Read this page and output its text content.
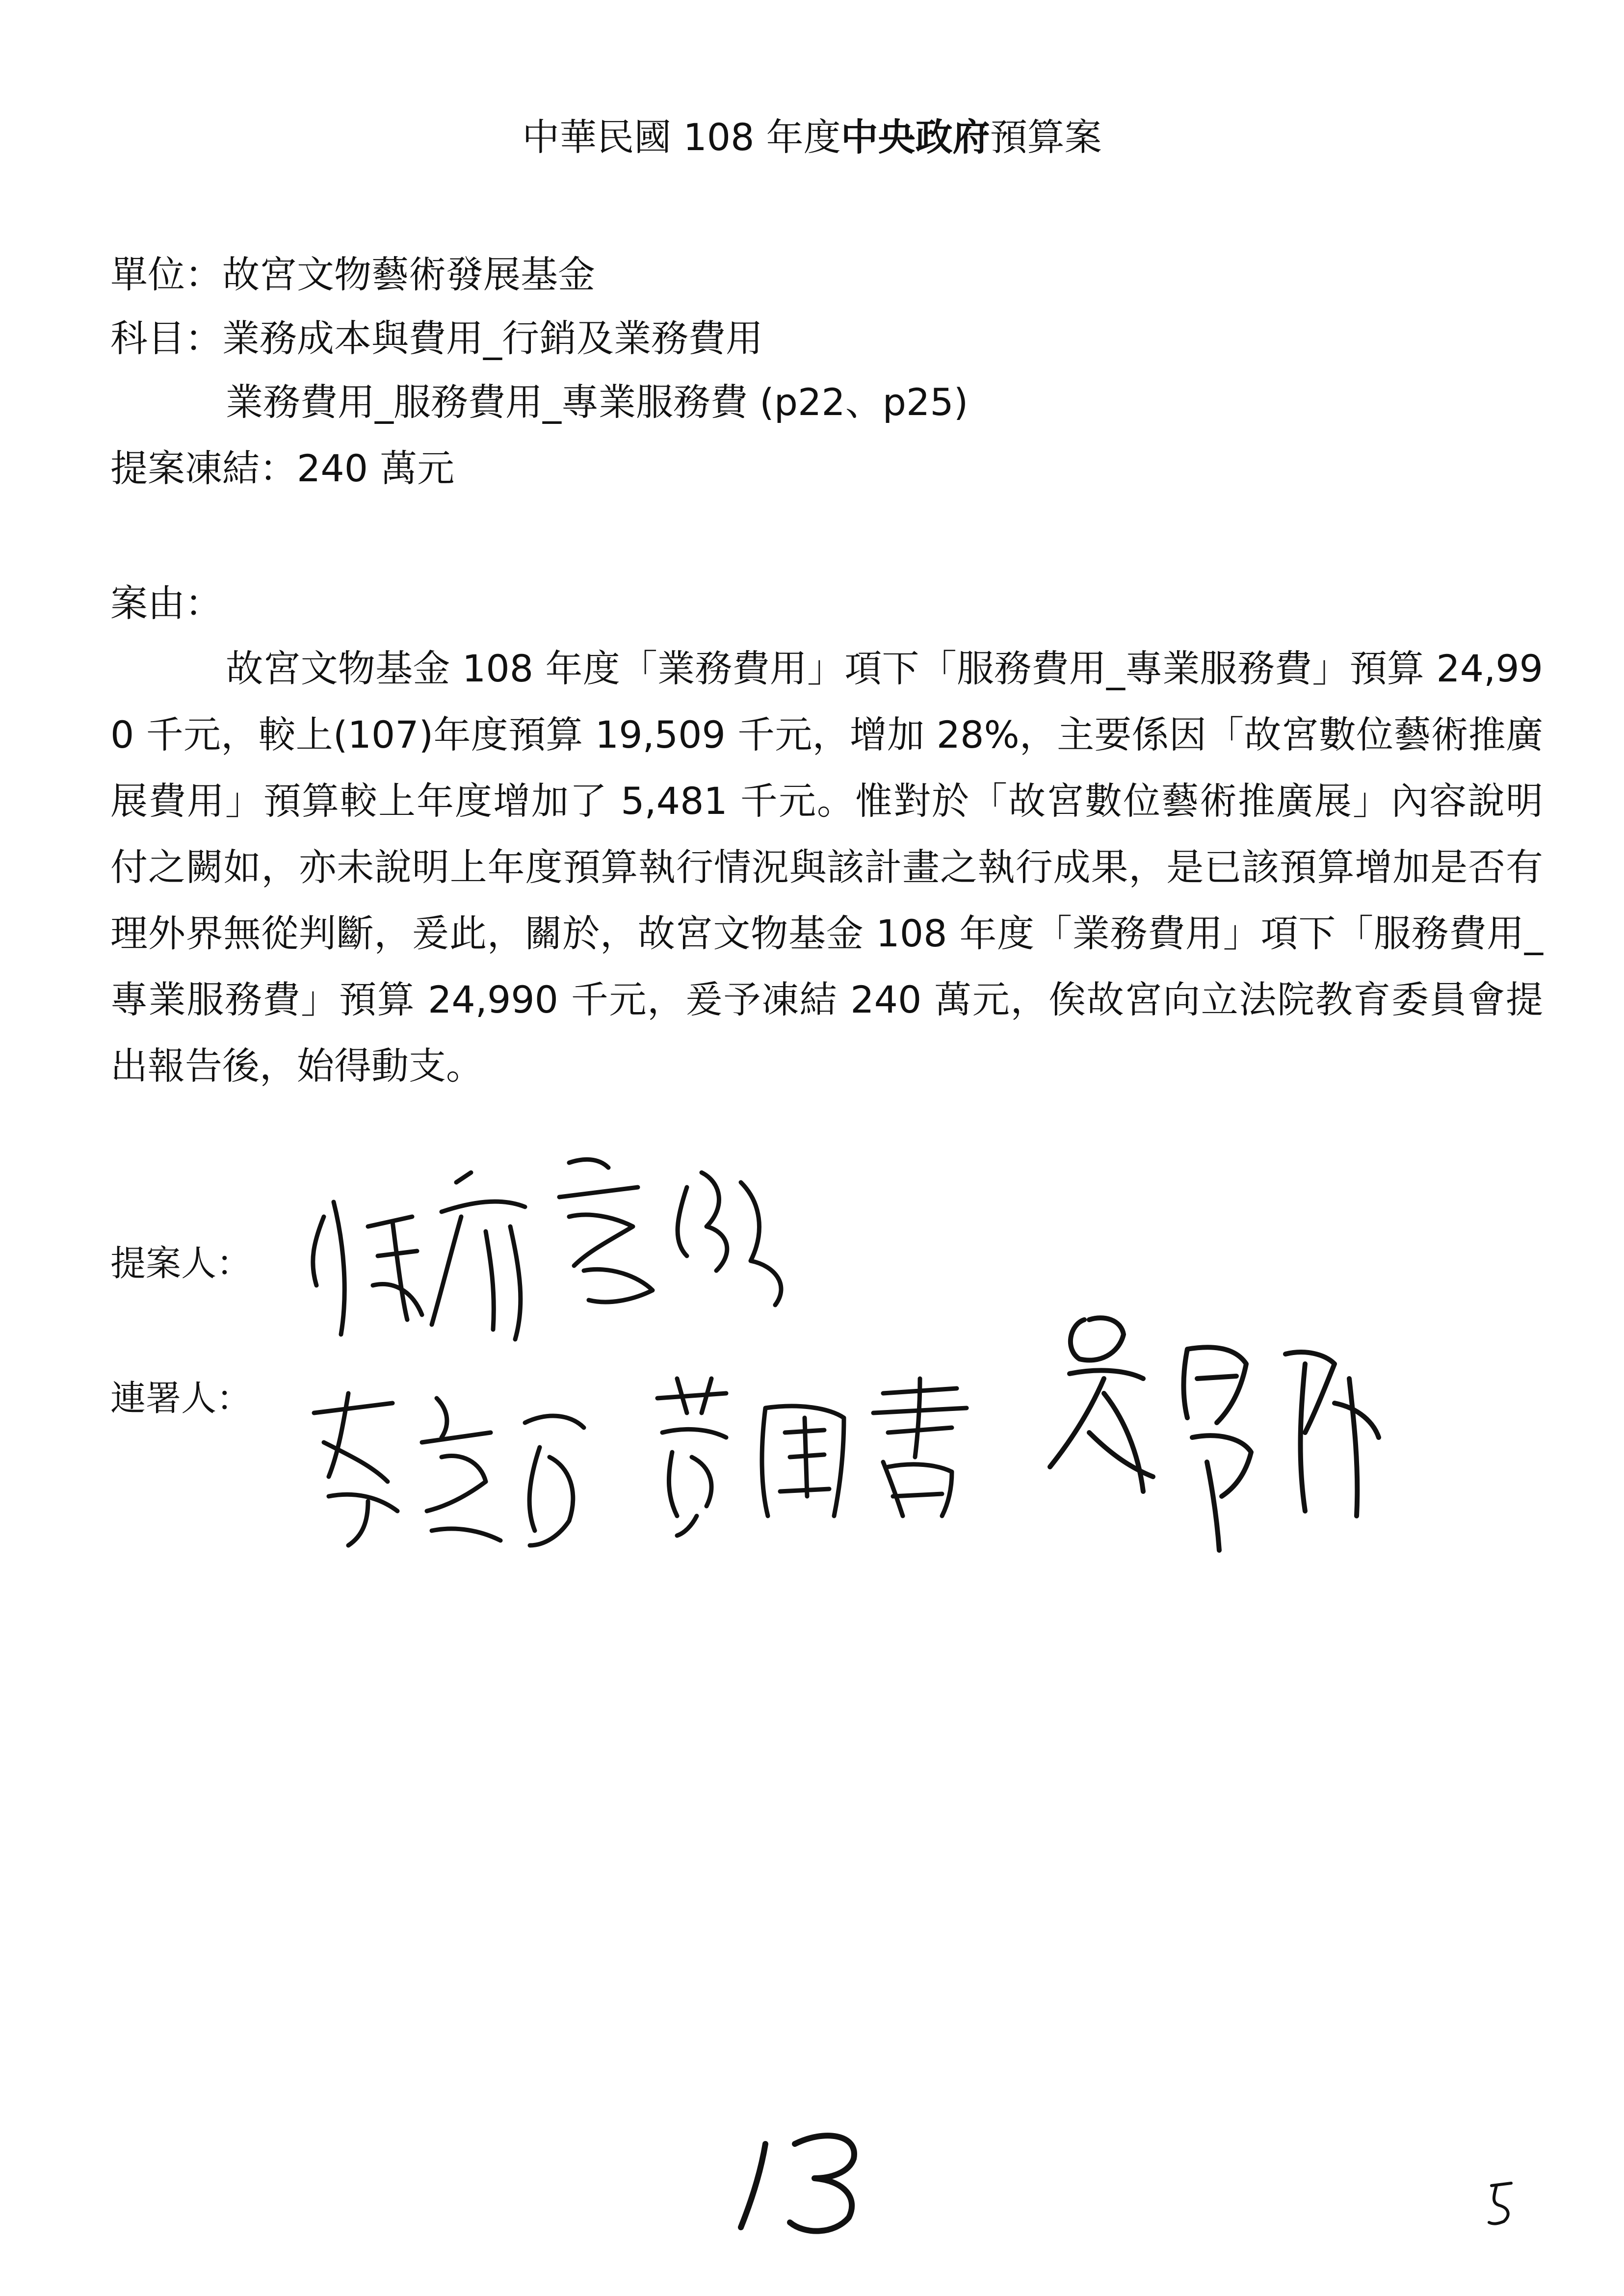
中華民國 108 年度中央政府預算案
單位：故宮文物藝術發展基金
科目：業務成本與費用_行銷及業務費用
業務費用_服務費用_專業服務費 (p22、p25)
提案凍結：240 萬元
案由：
故宮文物基金 108 年度「業務費用」項下「服務費用_專業服務費」預算 24,990 千元，較上(107)年度預算 19,509 千元，增加 28%，主要係因「故宮數位藝術推廣展費用」預算較上年度增加了 5,481 千元。惟對於「故宮數位藝術推廣展」內容說明付之闕如，亦未說明上年度預算執行情況與該計畫之執行成果，是已該預算增加是否有理外界無從判斷，爰此，關於，故宮文物基金 108 年度「業務費用」項下「服務費用_專業服務費」預算 24,990 千元，爰予凍結 240 萬元，俟故宮向立法院教育委員會提出報告後，始得動支。
提案人：
連署人：
